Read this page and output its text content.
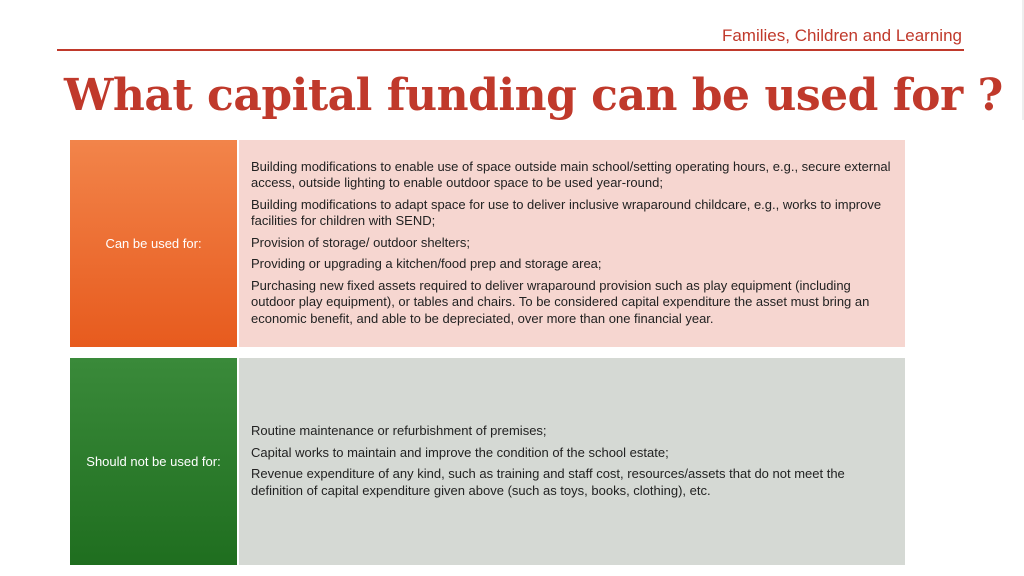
Families, Children and Learning
What capital funding can be used for ?
Can be used for:
Building modifications to enable use of space outside main school/setting operating hours, e.g., secure external access, outside lighting to enable outdoor space to be used year-round;
Building modifications to adapt space for use to deliver inclusive wraparound childcare, e.g., works to improve facilities for children with SEND;
Provision of storage/ outdoor shelters;
Providing or upgrading a kitchen/food prep and storage area;
Purchasing new fixed assets required to deliver wraparound provision such as play equipment (including outdoor play equipment), or tables and chairs. To be considered capital expenditure the asset must bring an economic benefit, and able to be depreciated, over more than one financial year.
Should not be used for:
Routine maintenance or refurbishment of premises;
Capital works to maintain and improve the condition of the school estate;
Revenue expenditure of any kind, such as training and staff cost, resources/assets that do not meet the definition of capital expenditure given above (such as toys, books, clothing), etc.
